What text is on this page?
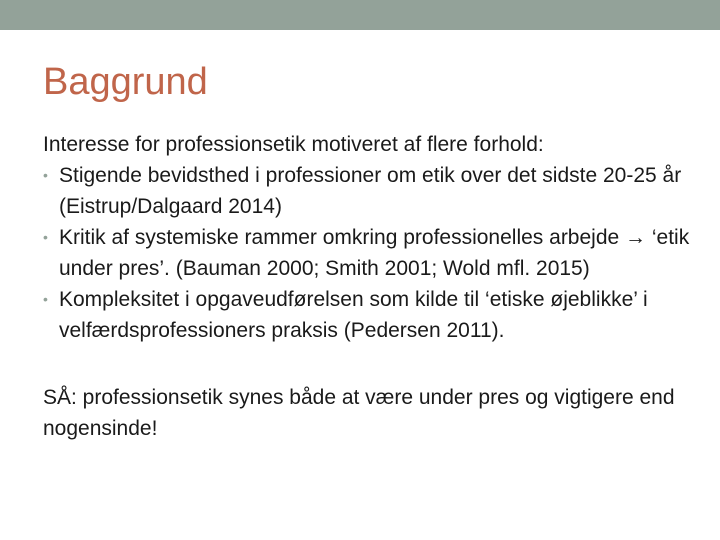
Baggrund

Interesse for professionsetik motiveret af flere forhold:

• Stigende bevidsthed i professioner om etik over det sidste 20-25 år (Eistrup/Dalgaard 2014)
• Kritik af systemiske rammer omkring professionelles arbejde → ‘etik under pres’. (Bauman 2000; Smith 2001; Wold mfl. 2015)
• Kompleksitet i opgaveudførelsen som kilde til ‘etiske øjeblikke’ i velfærdsprofessioners praksis (Pedersen 2011).

SÅ: professionsetik synes både at være under pres og vigtigere end nogensinde!
